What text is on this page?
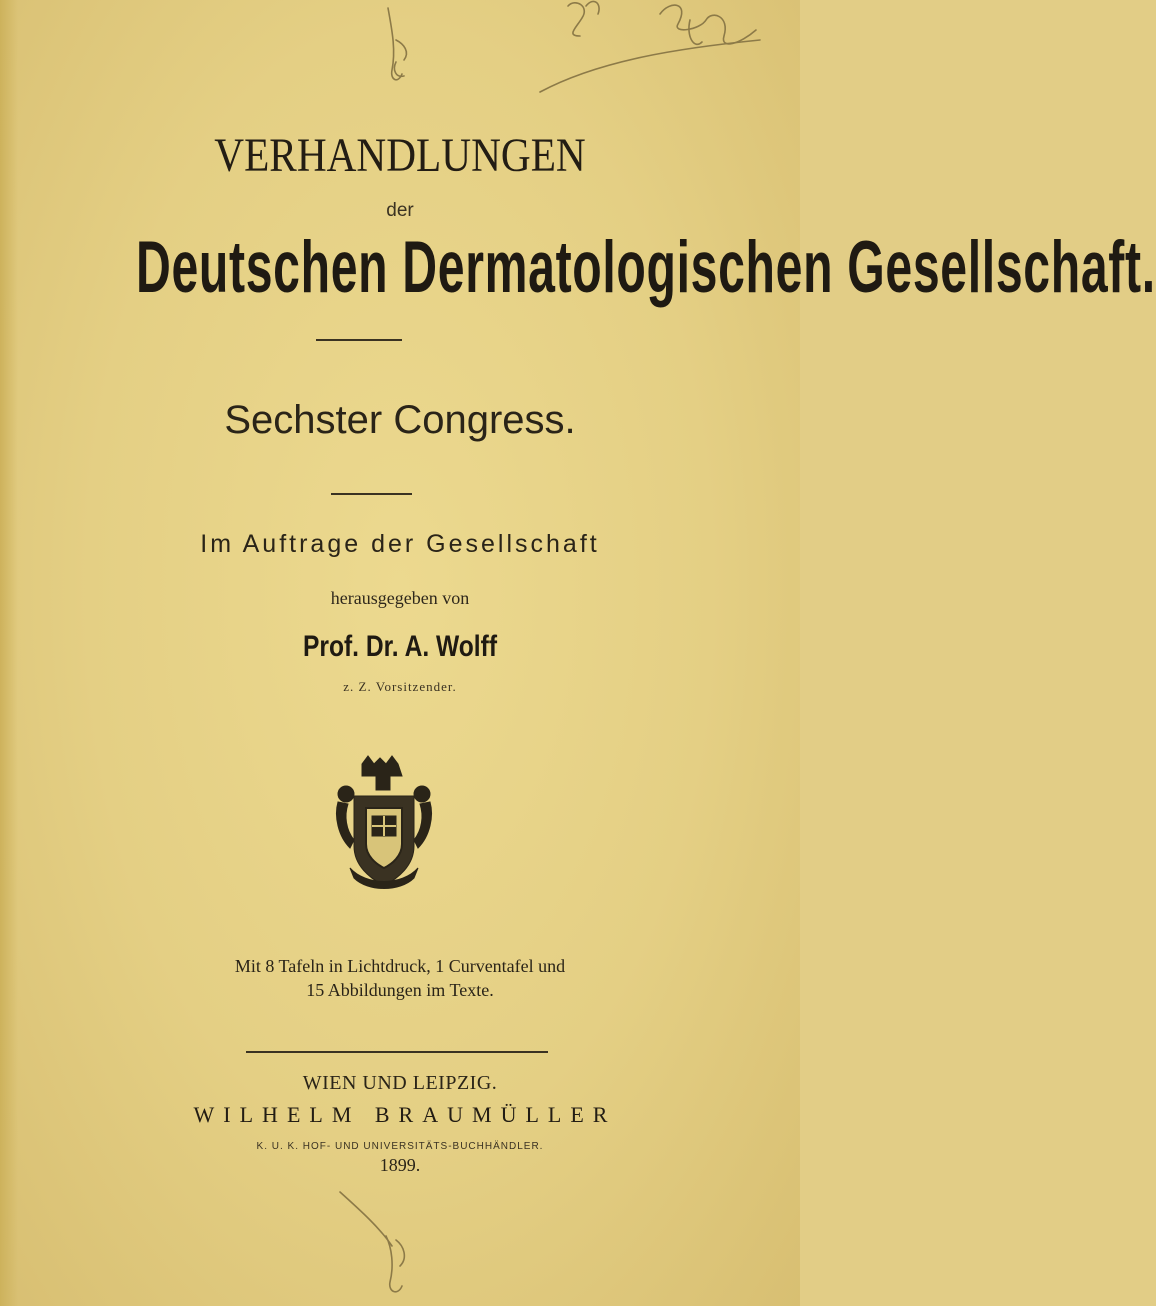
VERHANDLUNGEN
der
Deutschen Dermatologischen Gesellschaft.
Sechster Congress.
Im Auftrage der Gesellschaft
herausgegeben von
Prof. Dr. A. Wolff
z. Z. Vorsitzender.
Mit 8 Tafeln in Lichtdruck, 1 Curventafel und
15 Abbildungen im Texte.
WIEN UND LEIPZIG.
WILHELM BRAUMÜLLER
K. U. K. HOF- UND UNIVERSITÄTS-BUCHHÄNDLER.
1899.
